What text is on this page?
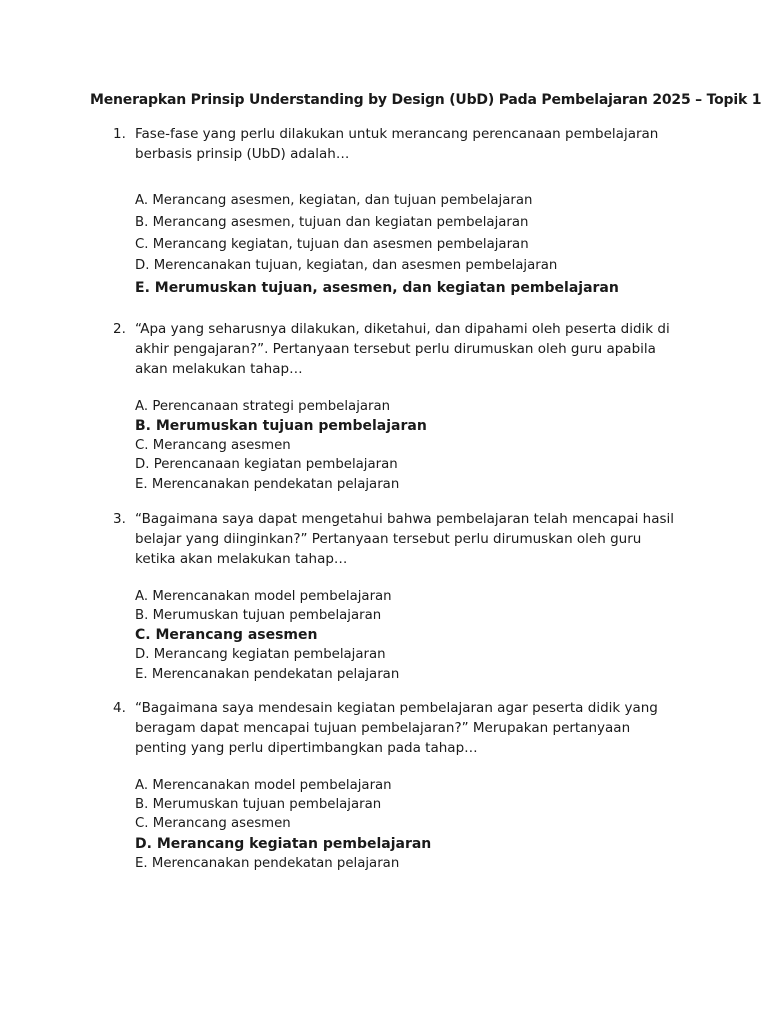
Menerapkan Prinsip Understanding by Design (UbD) Pada Pembelajaran 2025 – Topik 1
1. Fase-fase yang perlu dilakukan untuk merancang perencanaan pembelajaran berbasis prinsip (UbD) adalah…
A. Merancang asesmen, kegiatan, dan tujuan pembelajaran
B. Merancang asesmen, tujuan dan kegiatan pembelajaran
C. Merancang kegiatan, tujuan dan asesmen pembelajaran
D. Merencanakan tujuan, kegiatan, dan asesmen pembelajaran
E. Merumuskan tujuan, asesmen, dan kegiatan pembelajaran
2. “Apa yang seharusnya dilakukan, diketahui, dan dipahami oleh peserta didik di akhir pengajaran?”. Pertanyaan tersebut perlu dirumuskan oleh guru apabila akan melakukan tahap…
A. Perencanaan strategi pembelajaran
B. Merumuskan tujuan pembelajaran
C. Merancang asesmen
D. Perencanaan kegiatan pembelajaran
E. Merencanakan pendekatan pelajaran
3. “Bagaimana saya dapat mengetahui bahwa pembelajaran telah mencapai hasil belajar yang diinginkan?” Pertanyaan tersebut perlu dirumuskan oleh guru ketika akan melakukan tahap…
A. Merencanakan model pembelajaran
B. Merumuskan tujuan pembelajaran
C. Merancang asesmen
D. Merancang kegiatan pembelajaran
E. Merencanakan pendekatan pelajaran
4. “Bagaimana saya mendesain kegiatan pembelajaran agar peserta didik yang beragam dapat mencapai tujuan pembelajaran?” Merupakan pertanyaan penting yang perlu dipertimbangkan pada tahap…
A. Merencanakan model pembelajaran
B. Merumuskan tujuan pembelajaran
C. Merancang asesmen
D. Merancang kegiatan pembelajaran
E. Merencanakan pendekatan pelajaran
